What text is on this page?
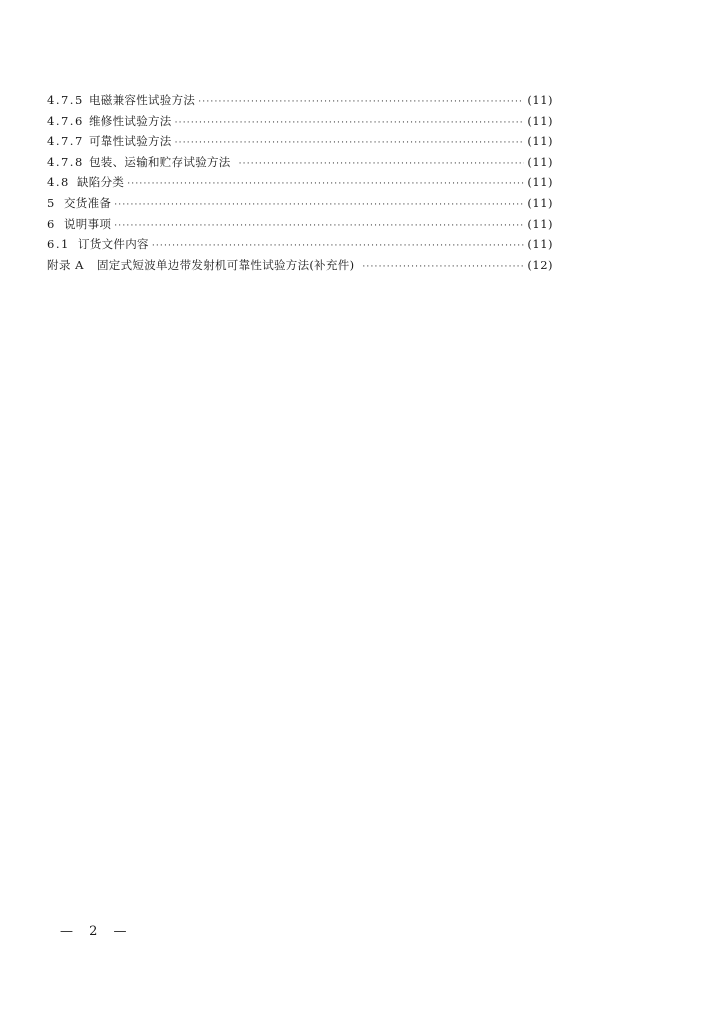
4.7.5 电磁兼容性试验方法 ·····	(11)
4.7.6 维修性试验方法 ·····	(11)
4.7.7 可靠性试验方法 ·····	(11)
4.7.8 包装、运输和贮存试验方法 ·····	(11)
4.8 缺陷分类 ·····	(11)
5 交货准备 ·····	(11)
6 说明事项 ·····	(11)
6.1 订货文件内容 ·····	(11)
附录 A	固定式短波单边带发射机可靠性试验方法(补充件) ·····	(12)
— 2 —
